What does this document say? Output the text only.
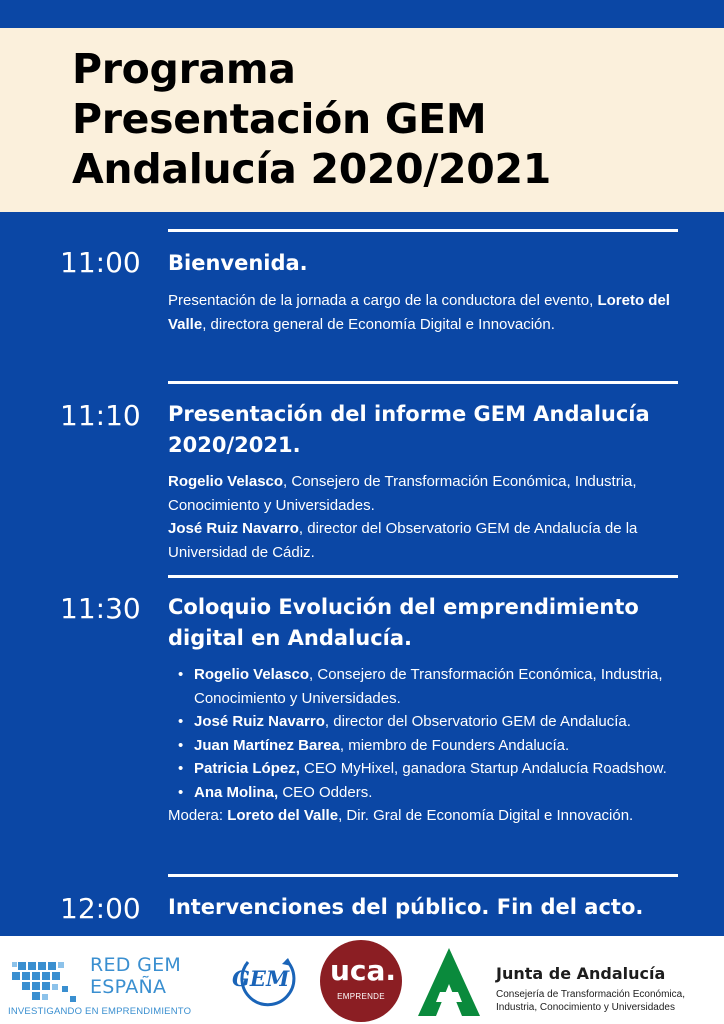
Programa
Presentación GEM
Andalucía 2020/2021
11:00 Bienvenida.

Presentación de la jornada a cargo de la conductora del evento, Loreto del Valle, directora general de Economía Digital e Innovación.

11:10 Presentación del informe GEM Andalucía 2020/2021.

Rogelio Velasco, Consejero de Transformación Económica, Industria, Conocimiento y Universidades.

José Ruiz Navarro, director del Observatorio GEM de Andalucía de la Universidad de Cádiz.

11:30 Coloquio Evolución del emprendimiento digital en Andalucía.
• Rogelio Velasco, Consejero de Transformación Económica, Industria, Conocimiento y Universidades.
• José Ruiz Navarro, director del Observatorio GEM de Andalucía.
• Juan Martínez Barea, miembro de Founders Andalucía.
• Patricia López, CEO MyHixel, ganadora Startup Andalucía Roadshow.
• Ana Molina, CEO Odders.

Modera: Loreto del Valle, Dir. Gral de Economía Digital e Innovación.

12:00 Intervenciones del público. Fin del acto.
RED GEM
ESPAÑA
INVESTIGANDO EN EMPRENDIMIENTO
GEM uca.
EMPRENDE
Junta de Andalucía
Consejería de Transformación Económica, Industria, Conocimiento y Universidades
